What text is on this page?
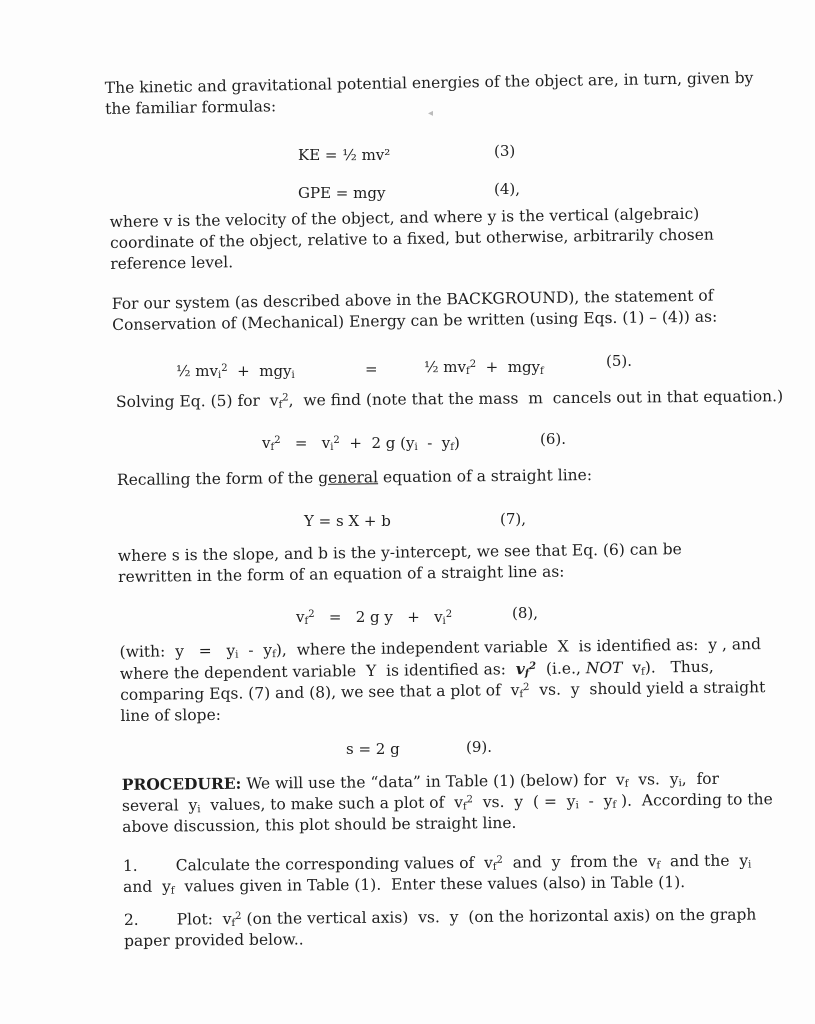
The kinetic and gravitational potential energies of the object are, in turn, given by
the familiar formulas:	◂
KE = ½ mv²	(3)
GPE = mgy	(4),

where v is the velocity of the object, and where y is the vertical (algebraic)
coordinate of the object, relative to a fixed, but otherwise, arbitrarily chosen
reference level.

For our system (as described above in the BACKGROUND), the statement of
Conservation of (Mechanical) Energy can be written (using Eqs. (1) – (4)) as:

½ $mv_i^2 + mgy_i$	=	½ $mv_f^2 + mgy_f$
(5).

Solving Eq. (5) for  $v_f^2$,  we find (note that the mass  m  cancels out in that equation.)

$v_f^2 = v_i^2 + 2$ g $(y_i - y_f)$	(6).

Recalling the form of the general equation of a straight line:

Y = s X + b	(7),

where s is the slope, and b is the y-intercept, we see that Eq. (6) can be
rewritten in the form of an equation of a straight line as:

$v_f^2 = 2$ g $y + v_i^2$	(8),

(with:  $y = y_i - y_f$),  where the independent variable  X  is identified as:  y , and
where the dependent variable  Y  is identified as:  $v_f^2$  (i.e., NOT  $v_f$).   Thus,
comparing Eqs. (7) and (8), we see that a plot of  $v_f^2$  vs.  y  should yield a straight
line of slope:

s = 2 g	(9).

PROCEDURE: We will use the “data” in Table (1) (below) for  $v_f$  vs.  $y_i$,  for
several  $y_i$  values, to make such a plot of  $v_f^2$  vs.  y  ( =  $y_i - y_f$ ).  According to the
above discussion, this plot should be straight line.

1. Calculate the corresponding values of  $v_f^2$  and  y  from the  $v_f$  and the  $y_i$
and  $y_f$  values given in Table (1).  Enter these values (also) in Table (1).
2. Plot:  $v_f^2$ (on the vertical axis)  vs.  y  (on the horizontal axis) on the graph
paper provided below..
